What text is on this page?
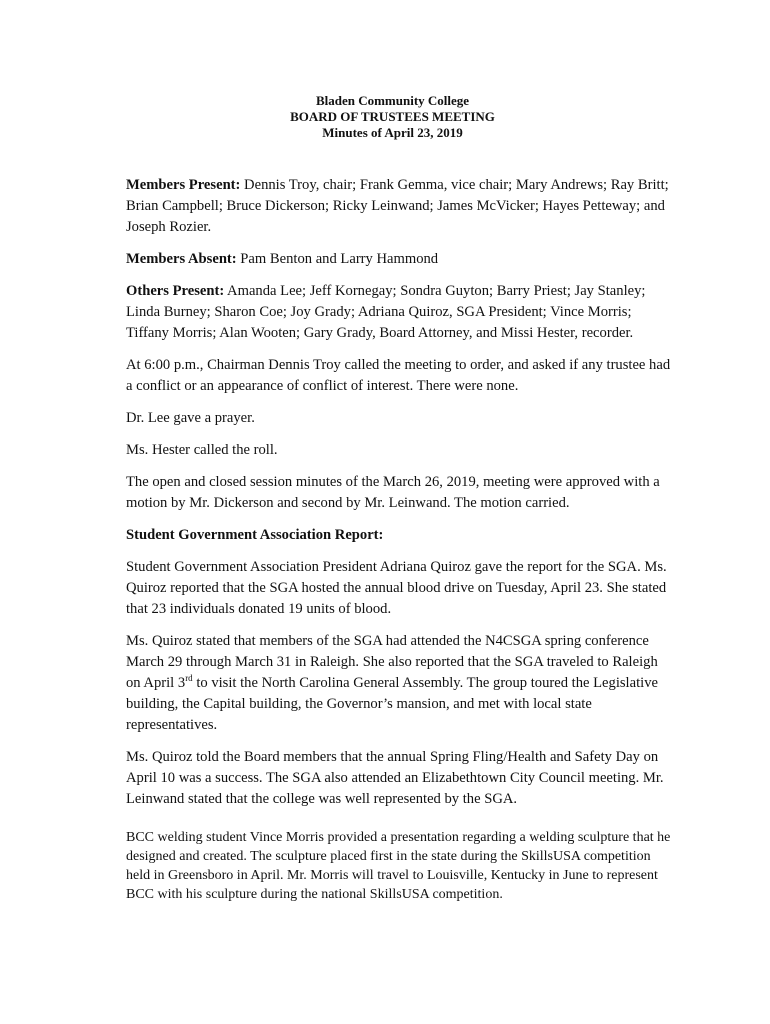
Bladen Community College
BOARD OF TRUSTEES MEETING
Minutes of April 23, 2019

Members Present: Dennis Troy, chair; Frank Gemma, vice chair; Mary Andrews; Ray Britt; Brian Campbell; Bruce Dickerson; Ricky Leinwand; James McVicker; Hayes Petteway; and Joseph Rozier.

Members Absent: Pam Benton and Larry Hammond

Others Present: Amanda Lee; Jeff Kornegay; Sondra Guyton; Barry Priest; Jay Stanley; Linda Burney; Sharon Coe; Joy Grady; Adriana Quiroz, SGA President; Vince Morris; Tiffany Morris; Alan Wooten; Gary Grady, Board Attorney, and Missi Hester, recorder.

At 6:00 p.m., Chairman Dennis Troy called the meeting to order, and asked if any trustee had a conflict or an appearance of conflict of interest. There were none.

Dr. Lee gave a prayer.

Ms. Hester called the roll.

The open and closed session minutes of the March 26, 2019, meeting were approved with a motion by Mr. Dickerson and second by Mr. Leinwand. The motion carried.

Student Government Association Report:

Student Government Association President Adriana Quiroz gave the report for the SGA. Ms. Quiroz reported that the SGA hosted the annual blood drive on Tuesday, April 23. She stated that 23 individuals donated 19 units of blood.

Ms. Quiroz stated that members of the SGA had attended the N4CSGA spring conference March 29 through March 31 in Raleigh. She also reported that the SGA traveled to Raleigh on April 3rd to visit the North Carolina General Assembly. The group toured the Legislative building, the Capital building, the Governor’s mansion, and met with local state representatives.

Ms. Quiroz told the Board members that the annual Spring Fling/Health and Safety Day on April 10 was a success. The SGA also attended an Elizabethtown City Council meeting. Mr. Leinwand stated that the college was well represented by the SGA.

BCC welding student Vince Morris provided a presentation regarding a welding sculpture that he designed and created. The sculpture placed first in the state during the SkillsUSA competition held in Greensboro in April. Mr. Morris will travel to Louisville, Kentucky in June to represent BCC with his sculpture during the national SkillsUSA competition.
